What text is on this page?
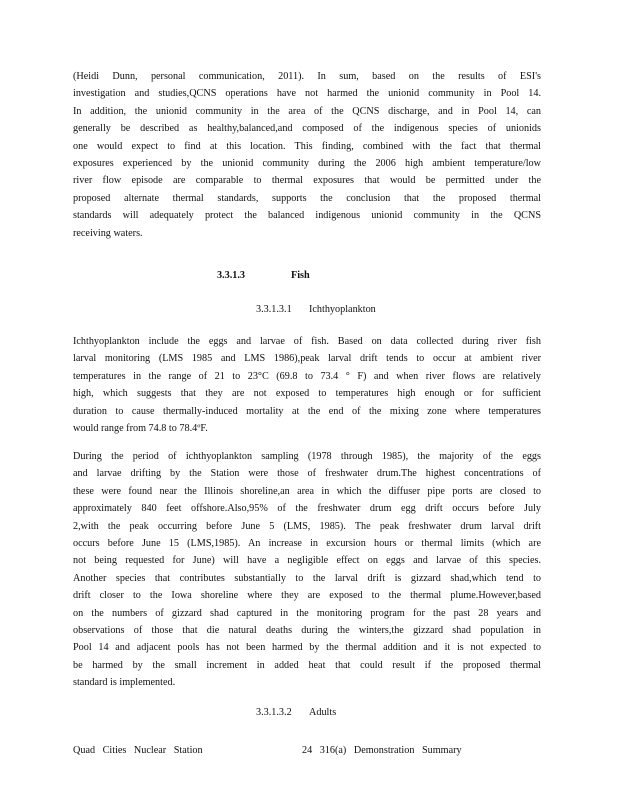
(Heidi Dunn, personal communication, 2011). In sum, based on the results of ESI's
investigation and studies,QCNS operations have not harmed the unionid community in Pool 14.
In addition, the unionid community in the area of the QCNS discharge, and in Pool 14, can
generally be described as healthy,balanced,and composed of the indigenous species of unionids
one would expect to find at this location. This finding, combined with the fact that thermal
exposures experienced by the unionid community during the 2006 high ambient temperature/low
river flow episode are comparable to thermal exposures that would be permitted under the
proposed alternate thermal standards, supports the conclusion that the proposed thermal
standards will adequately protect the balanced indigenous unionid community in the QCNS
receiving waters.
3.3.1.3	Fish
3.3.1.3.1 Ichthyoplankton
Ichthyoplankton include the eggs and larvae of fish. Based on data collected during river fish
larval monitoring (LMS 1985 and LMS 1986),peak larval drift tends to occur at ambient river
temperatures in the range of 21 to 23°C (69.8 to 73.4 ° F) and when river flows are relatively
high, which suggests that they are not exposed to temperatures high enough or for sufficient
duration to cause thermally-induced mortality at the end of the mixing zone where temperatures
would range from 74.8 to 78.4ºF.
During the period of ichthyoplankton sampling (1978 through 1985), the majority of the eggs
and larvae drifting by the Station were those of freshwater drum.The highest concentrations of
these were found near the Illinois shoreline,an area in which the diffuser pipe ports are closed to
approximately 840 feet offshore.Also,95% of the freshwater drum egg drift occurs before July
2,with the peak occurring before June 5 (LMS, 1985). The peak freshwater drum larval drift
occurs before June 15 (LMS,1985). An increase in excursion hours or thermal limits (which are
not being requested for June) will have a negligible effect on eggs and larvae of this species.
Another species that contributes substantially to the larval drift is gizzard shad,which tend to
drift closer to the Iowa shoreline where they are exposed to the thermal plume.However,based
on the numbers of gizzard shad captured in the monitoring program for the past 28 years and
observations of those that die natural deaths during the winters,the gizzard shad population in
Pool 14 and adjacent pools has not been harmed by the thermal addition and it is not expected to
be harmed by the small increment in added heat that could result if the proposed thermal
standard is implemented.
3.3.1.3.2 Adults
Quad Cities Nuclear Station	24 316(a) Demonstration Summary
